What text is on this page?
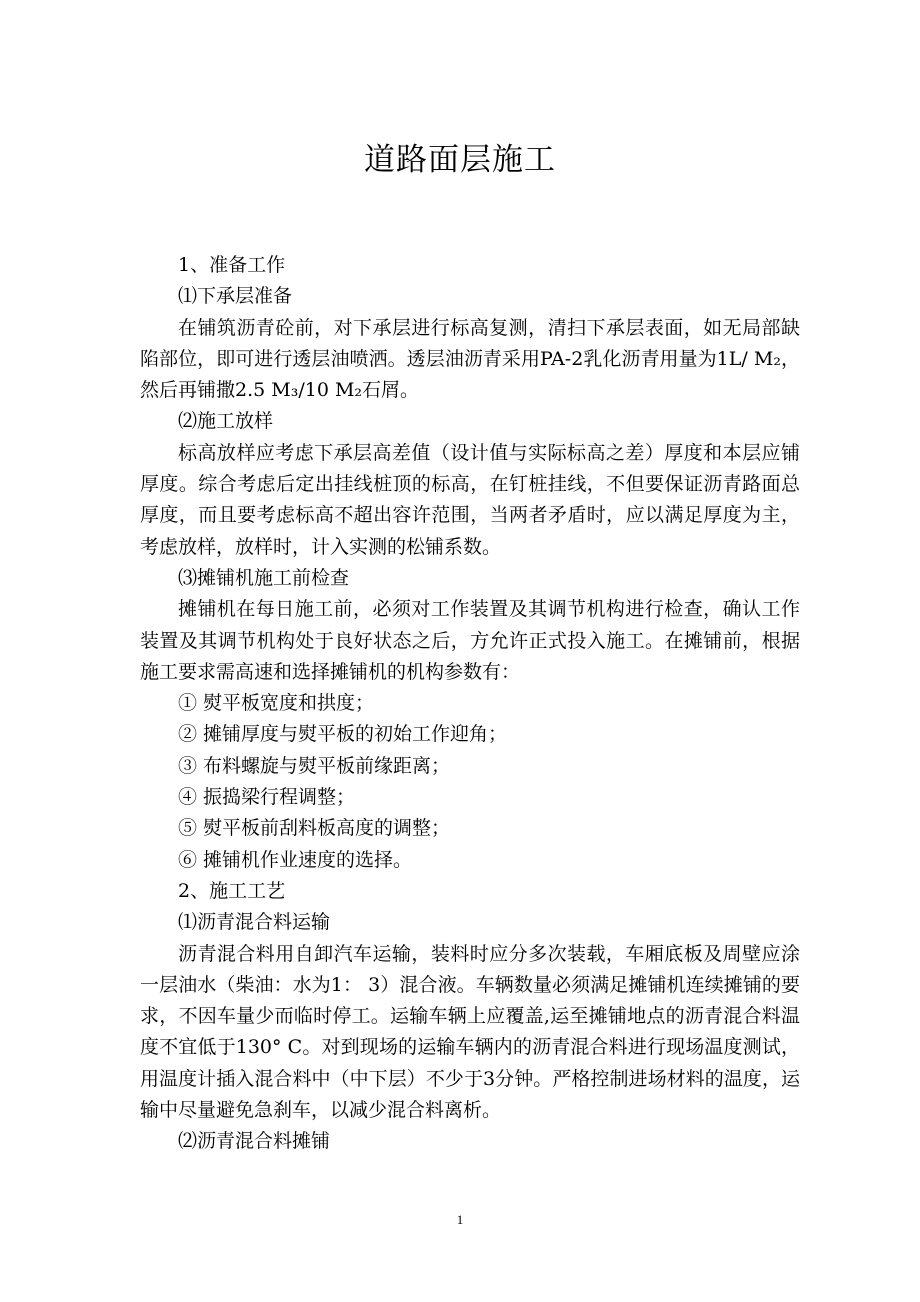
道路面层施工

1、准备工作

⑴下承层准备

在铺筑沥青砼前，对下承层进行标高复测，清扫下承层表面，如无局部缺陷部位，即可进行透层油喷洒。透层油沥青采用PA-2乳化沥青用量为1L/ M₂，然后再铺撒2.5 M₃/10 M₂石屑。

⑵施工放样

标高放样应考虑下承层高差值（设计值与实际标高之差）厚度和本层应铺厚度。综合考虑后定出挂线桩顶的标高，在钉桩挂线，不但要保证沥青路面总厚度，而且要考虑标高不超出容许范围，当两者矛盾时，应以满足厚度为主，考虑放样，放样时，计入实测的松铺系数。

⑶摊铺机施工前检查

摊铺机在每日施工前，必须对工作装置及其调节机构进行检查，确认工作装置及其调节机构处于良好状态之后，方允许正式投入施工。在摊铺前，根据施工要求需高速和选择摊铺机的机构参数有：

① 熨平板宽度和拱度；

② 摊铺厚度与熨平板的初始工作迎角；

③ 布料螺旋与熨平板前缘距离；

④ 振捣梁行程调整；

⑤ 熨平板前刮料板高度的调整；

⑥ 摊铺机作业速度的选择。

2、施工工艺

⑴沥青混合料运输

沥青混合料用自卸汽车运输，装料时应分多次装载，车厢底板及周壁应涂一层油水（柴油：水为1： 3）混合液。车辆数量必须满足摊铺机连续摊铺的要求，不因车量少而临时停工。运输车辆上应覆盖,运至摊铺地点的沥青混合料温度不宜低于130° C。对到现场的运输车辆内的沥青混合料进行现场温度测试，用温度计插入混合料中（中下层）不少于3分钟。严格控制进场材料的温度，运输中尽量避免急刹车，以减少混合料离析。

⑵沥青混合料摊铺

1
